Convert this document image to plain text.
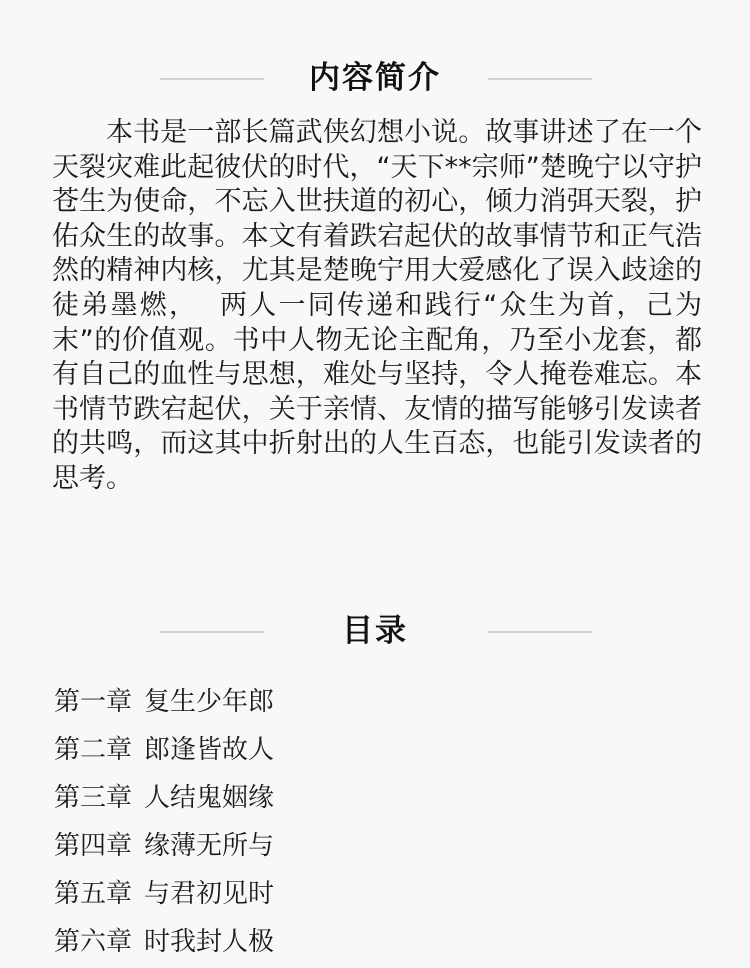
内容简介
本书是一部长篇武侠幻想小说。故事讲述了在一个天裂灾难此起彼伏的时代，“天下**宗师”楚晚宁以守护苍生为使命，不忘入世扶道的初心，倾力消弭天裂，护佑众生的故事。本文有着跌宕起伏的故事情节和正气浩然的精神内核，尤其是楚晚宁用大爱感化了误入歧途的徒弟墨燃，  两人一同传递和践行“众生为首，己为末”的价值观。书中人物无论主配角，乃至小龙套，都有自己的血性与思想，难处与坚持，令人掩卷难忘。本书情节跌宕起伏，关于亲情、友情的描写能够引发读者的共鸣，而这其中折射出的人生百态，也能引发读者的思考。
目录
第一章 复生少年郎
第二章 郎逢皆故人
第三章 人结鬼姻缘
第四章 缘薄无所与
第五章 与君初见时
第六章 时我封人极
